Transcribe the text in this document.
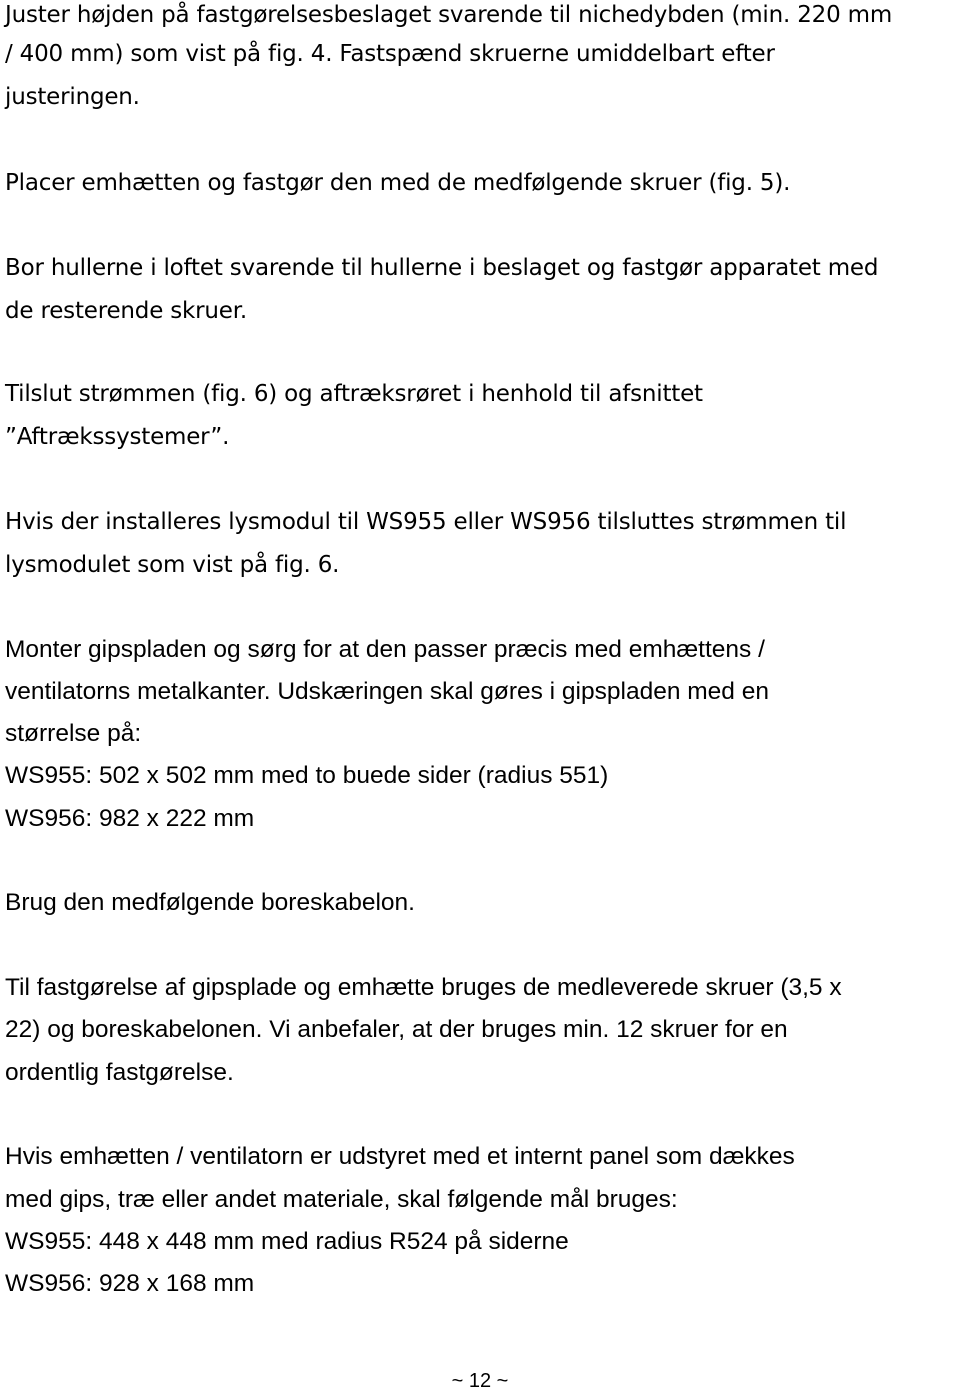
Juster højden på fastgørelsesbeslaget svarende til nichedybden (min. 220 mm
/ 400 mm) som vist på fig. 4. Fastspænd skruerne umiddelbart efter
justeringen.
Placer emhætten og fastgør den med de medfølgende skruer (fig. 5).
Bor hullerne i loftet svarende til hullerne i beslaget og fastgør apparatet med
de resterende skruer.
Tilslut strømmen (fig. 6) og aftræksrøret i henhold til afsnittet
”Aftrækssystemer”.
Hvis der installeres lysmodul til WS955 eller WS956 tilsluttes strømmen til
lysmodulet som vist på fig. 6.
Monter gipspladen og sørg for at den passer præcis med emhættens /
ventilatorns metalkanter. Udskæringen skal gøres i gipspladen med en
størrelse på:
WS955: 502 x 502 mm med to buede sider (radius 551)
WS956: 982 x 222 mm
Brug den medfølgende boreskabelon.
Til fastgørelse af gipsplade og emhætte bruges de medleverede skruer (3,5 x
22) og boreskabelonen. Vi anbefaler, at der bruges min. 12 skruer for en
ordentlig fastgørelse.
Hvis emhætten / ventilatorn er udstyret med et internt panel som dækkes
med gips, træ eller andet materiale, skal følgende mål bruges:
WS955: 448 x 448 mm med radius R524 på siderne
WS956: 928 x 168 mm
~ 12 ~
